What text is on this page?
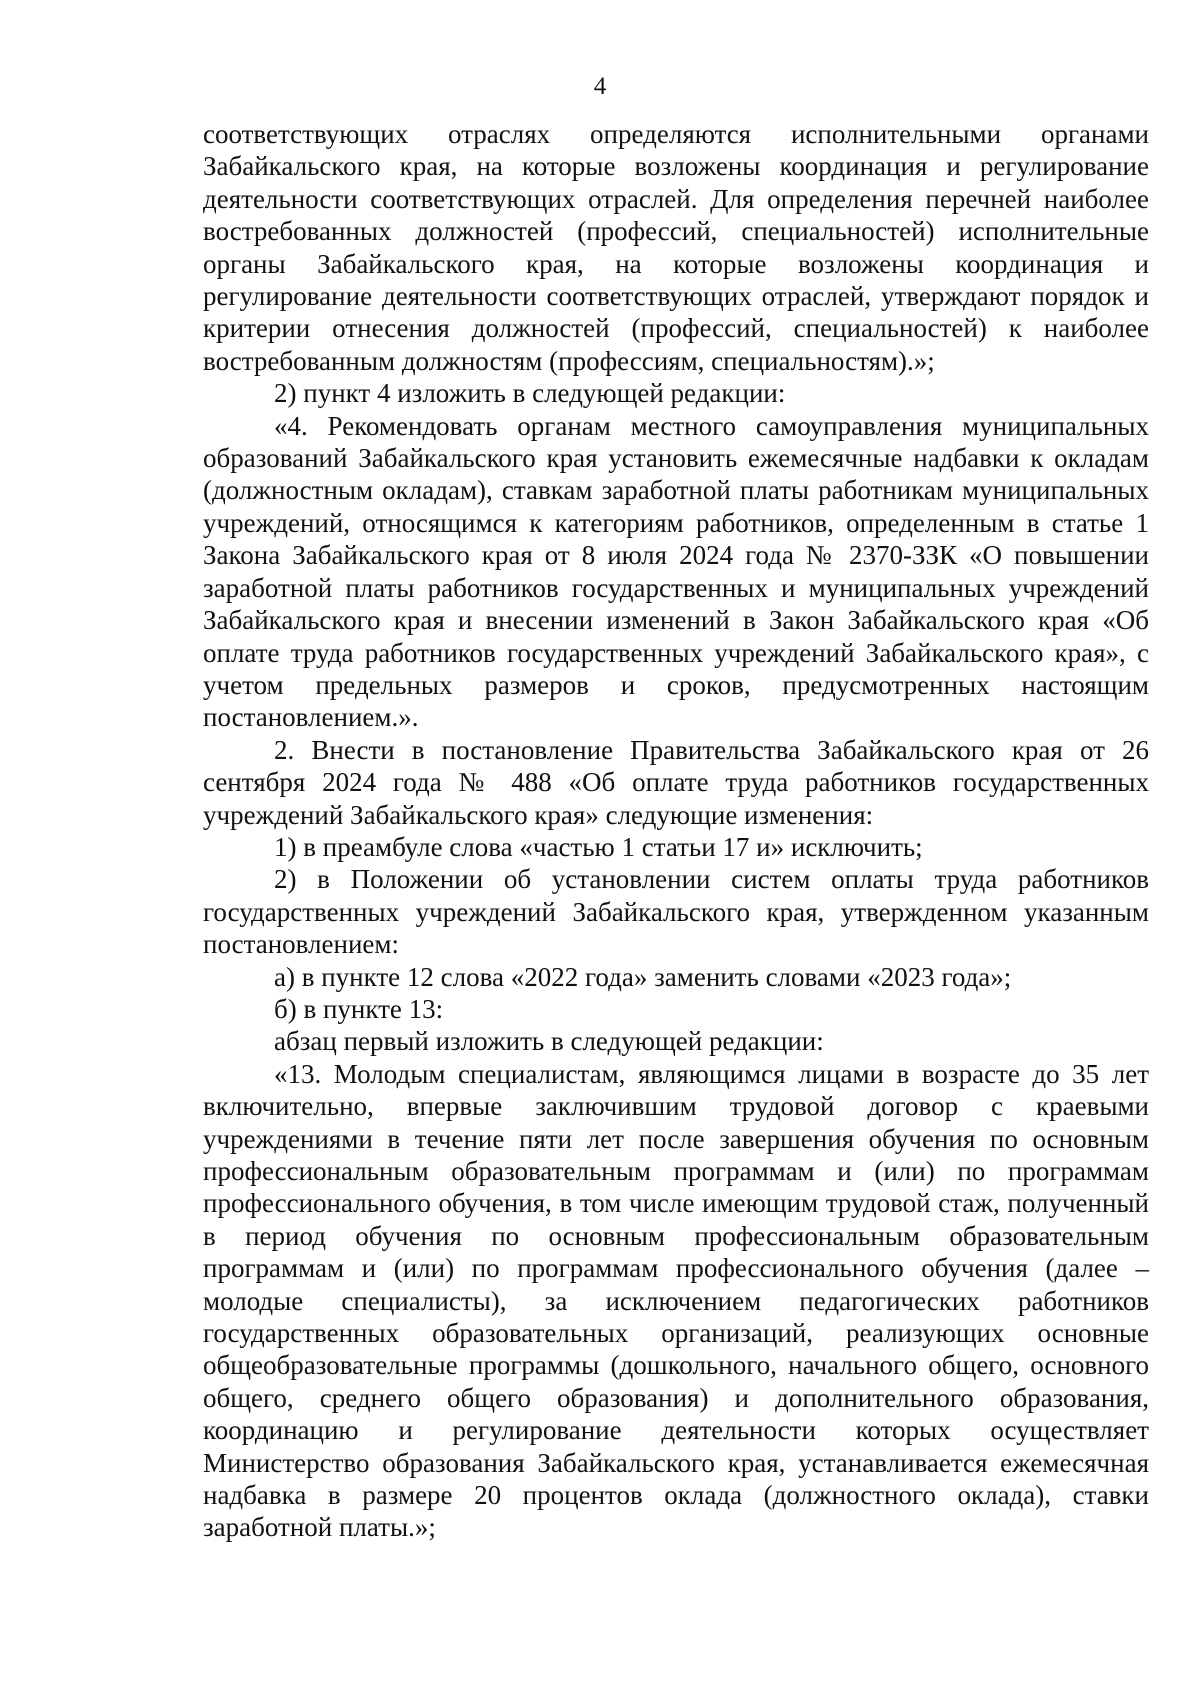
4

соответствующих отраслях определяются исполнительными органами Забайкальского края, на которые возложены координация и регулирование деятельности соответствующих отраслей. Для определения перечней наиболее востребованных должностей (профессий, специальностей) исполнительные органы Забайкальского края, на которые возложены координация и регулирование деятельности соответствующих отраслей, утверждают порядок и критерии отнесения должностей (профессий, специальностей) к наиболее востребованным должностям (профессиям, специальностям).»;

2) пункт 4 изложить в следующей редакции:

«4. Рекомендовать органам местного самоуправления муниципальных образований Забайкальского края установить ежемесячные надбавки к окладам (должностным окладам), ставкам заработной платы работникам муниципальных учреждений, относящимся к категориям работников, определенным в статье 1 Закона Забайкальского края от 8 июля 2024 года № 2370-ЗЗК «О повышении заработной платы работников государственных и муниципальных учреждений Забайкальского края и внесении изменений в Закон Забайкальского края «Об оплате труда работников государственных учреждений Забайкальского края», с учетом предельных размеров и сроков, предусмотренных настоящим постановлением.».

2. Внести в постановление Правительства Забайкальского края от 26 сентября 2024 года № 488 «Об оплате труда работников государственных учреждений Забайкальского края» следующие изменения:

1) в преамбуле слова «частью 1 статьи 17 и» исключить;

2) в Положении об установлении систем оплаты труда работников государственных учреждений Забайкальского края, утвержденном указанным постановлением:

а) в пункте 12 слова «2022 года» заменить словами «2023 года»;

б) в пункте 13:

абзац первый изложить в следующей редакции:

«13. Молодым специалистам, являющимся лицами в возрасте до 35 лет включительно, впервые заключившим трудовой договор с краевыми учреждениями в течение пяти лет после завершения обучения по основным профессиональным образовательным программам и (или) по программам профессионального обучения, в том числе имеющим трудовой стаж, полученный в период обучения по основным профессиональным образовательным программам и (или) по программам профессионального обучения (далее – молодые специалисты), за исключением педагогических работников государственных образовательных организаций, реализующих основные общеобразовательные программы (дошкольного, начального общего, основного общего, среднего общего образования) и дополнительного образования, координацию и регулирование деятельности которых осуществляет Министерство образования Забайкальского края, устанавливается ежемесячная надбавка в размере 20 процентов оклада (должностного оклада), ставки заработной платы.»;
